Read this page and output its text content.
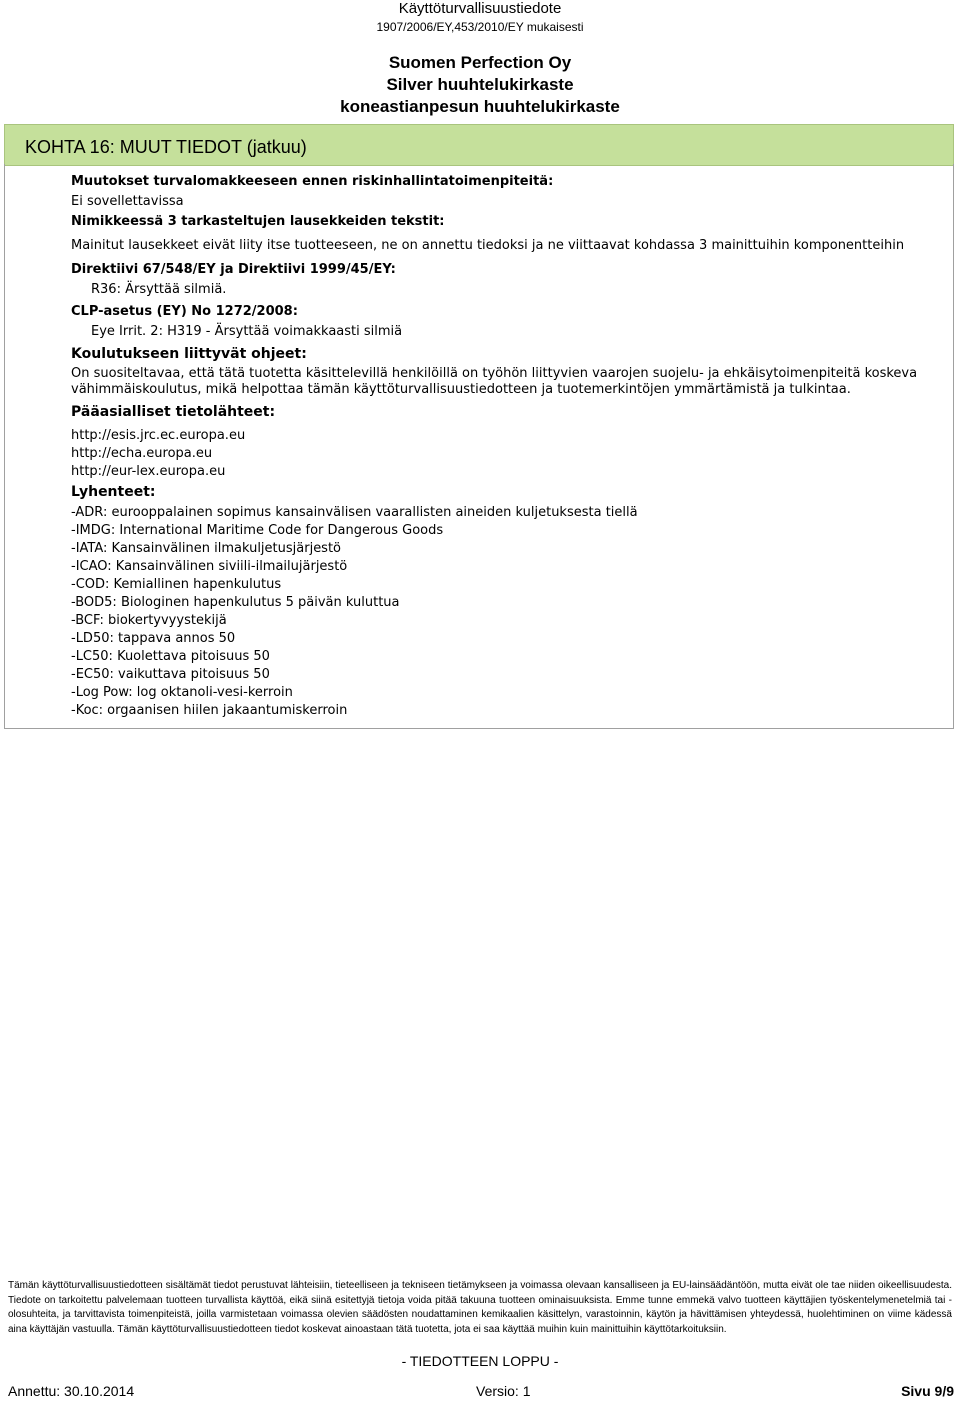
Käyttöturvallisuustiedote
1907/2006/EY,453/2010/EY mukaisesti
Suomen Perfection Oy
Silver huuhtelukirkaste
koneastianpesun huuhtelukirkaste
KOHTA 16: MUUT TIEDOT (jatkuu)
Muutokset turvalomakkeeseen ennen riskinhallintatoimenpiteitä:
Ei sovellettavissa
Nimikkeessä 3 tarkasteltujen lausekkeiden tekstit:
Mainitut lausekkeet eivät liity itse tuotteeseen, ne on annettu tiedoksi ja ne viittaavat kohdassa 3 mainittuihin komponentteihin
Direktiivi 67/548/EY ja Direktiivi 1999/45/EY:
R36: Ärsyttää silmiä.
CLP-asetus (EY) No 1272/2008:
Eye Irrit. 2: H319 - Ärsyttää voimakkaasti silmiä
Koulutukseen liittyvät ohjeet:
On suositeltavaa, että tätä tuotetta käsittelevillä henkilöillä on työhön liittyvien vaarojen suojelu- ja ehkäisytoimenpiteitä koskeva vähimmäiskoulutus, mikä helpottaa tämän käyttöturvallisuustiedotteen ja tuotemerkintöjen ymmärtämistä ja tulkintaa.
Pääasialliset tietolähteet:
http://esis.jrc.ec.europa.eu
http://echa.europa.eu
http://eur-lex.europa.eu
Lyhenteet:
-ADR: eurooppalainen sopimus kansainvälisen vaarallisten aineiden kuljetuksesta tiellä
-IMDG: International Maritime Code for Dangerous Goods
-IATA: Kansainvälinen ilmakuljetusjärjestö
-ICAO: Kansainvälinen siviili-ilmailujärjestö
-COD: Kemiallinen hapenkulutus
-BOD5: Biologinen hapenkulutus 5 päivän kuluttua
-BCF: biokertyvyystekijä
-LD50: tappava annos 50
-LC50: Kuolettava pitoisuus 50
-EC50: vaikuttava pitoisuus 50
-Log Pow: log oktanoli-vesi-kerroin
-Koc: orgaanisen hiilen jakaantumiskerroin
Tämän käyttöturvallisuustiedotteen sisältämät tiedot perustuvat lähteisiin, tieteelliseen ja tekniseen tietämykseen ja voimassa olevaan kansalliseen ja EU-lainsäädäntöön, mutta eivät ole tae niiden oikeellisuudesta. Tiedote on tarkoitettu palvelemaan tuotteen turvallista käyttöä, eikä siinä esitettyjä tietoja voida pitää takuuna tuotteen ominaisuuksista. Emme tunne emmekä valvo tuotteen käyttäjien työskentelymenetelmiä tai -olosuhteita, ja tarvittavista toimenpiteistä, joilla varmistetaan voimassa olevien säädösten noudattaminen kemikaalien käsittelyn, varastoinnin, käytön ja hävittämisen yhteydessä, huolehtiminen on viime kädessä aina käyttäjän vastuulla. Tämän käyttöturvallisuustiedotteen tiedot koskevat ainoastaan tätä tuotetta, jota ei saa käyttää muihin kuin mainittuihin käyttötarkoituksiin.
- TIEDOTTEEN LOPPU -
Annettu: 30.10.2014	Versio: 1	Sivu 9/9
